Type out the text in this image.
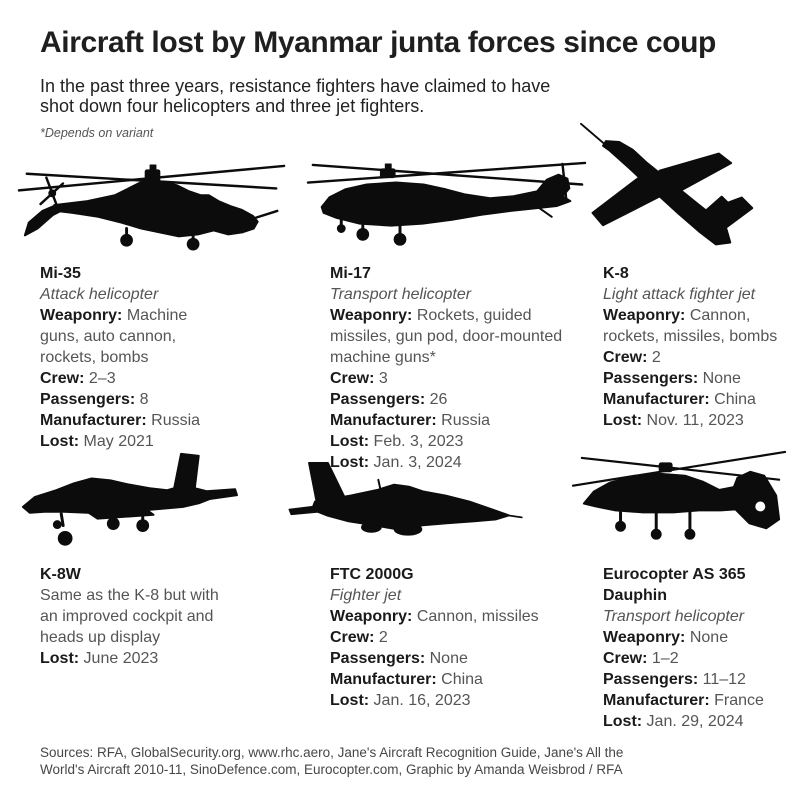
Aircraft lost by Myanmar junta forces since coup

In the past three years, resistance fighters have claimed to have shot down four helicopters and three jet fighters.

*Depends on variant

Mi-35
Attack helicopter
Weaponry: Machine guns, auto cannon, rockets, bombs
Crew: 2–3
Passengers: 8
Manufacturer: Russia
Lost: May 2021
Mi-17
Transport helicopter
Weaponry: Rockets, guided missiles, gun pod, door-mounted machine guns*
Crew: 3
Passengers: 26
Manufacturer: Russia
Lost: Feb. 3, 2023
Lost: Jan. 3, 2024
K-8
Light attack fighter jet
Weaponry: Cannon, rockets, missiles, bombs
Crew: 2
Passengers: None
Manufacturer: China
Lost: Nov. 11, 2023
K-8W
Same as the K-8 but with an improved cockpit and heads up display
Lost: June 2023
FTC 2000G
Fighter jet
Weaponry: Cannon, missiles
Crew: 2
Passengers: None
Manufacturer: China
Lost: Jan. 16, 2023
Eurocopter AS 365 Dauphin
Transport helicopter
Weaponry: None
Crew: 1–2
Passengers: 11–12
Manufacturer: France
Lost: Jan. 29, 2024
Sources: RFA, GlobalSecurity.org, www.rhc.aero, Jane's Aircraft Recognition Guide, Jane's All the World's Aircraft 2010-11, SinoDefence.com, Eurocopter.com, Graphic by Amanda Weisbrod / RFA
